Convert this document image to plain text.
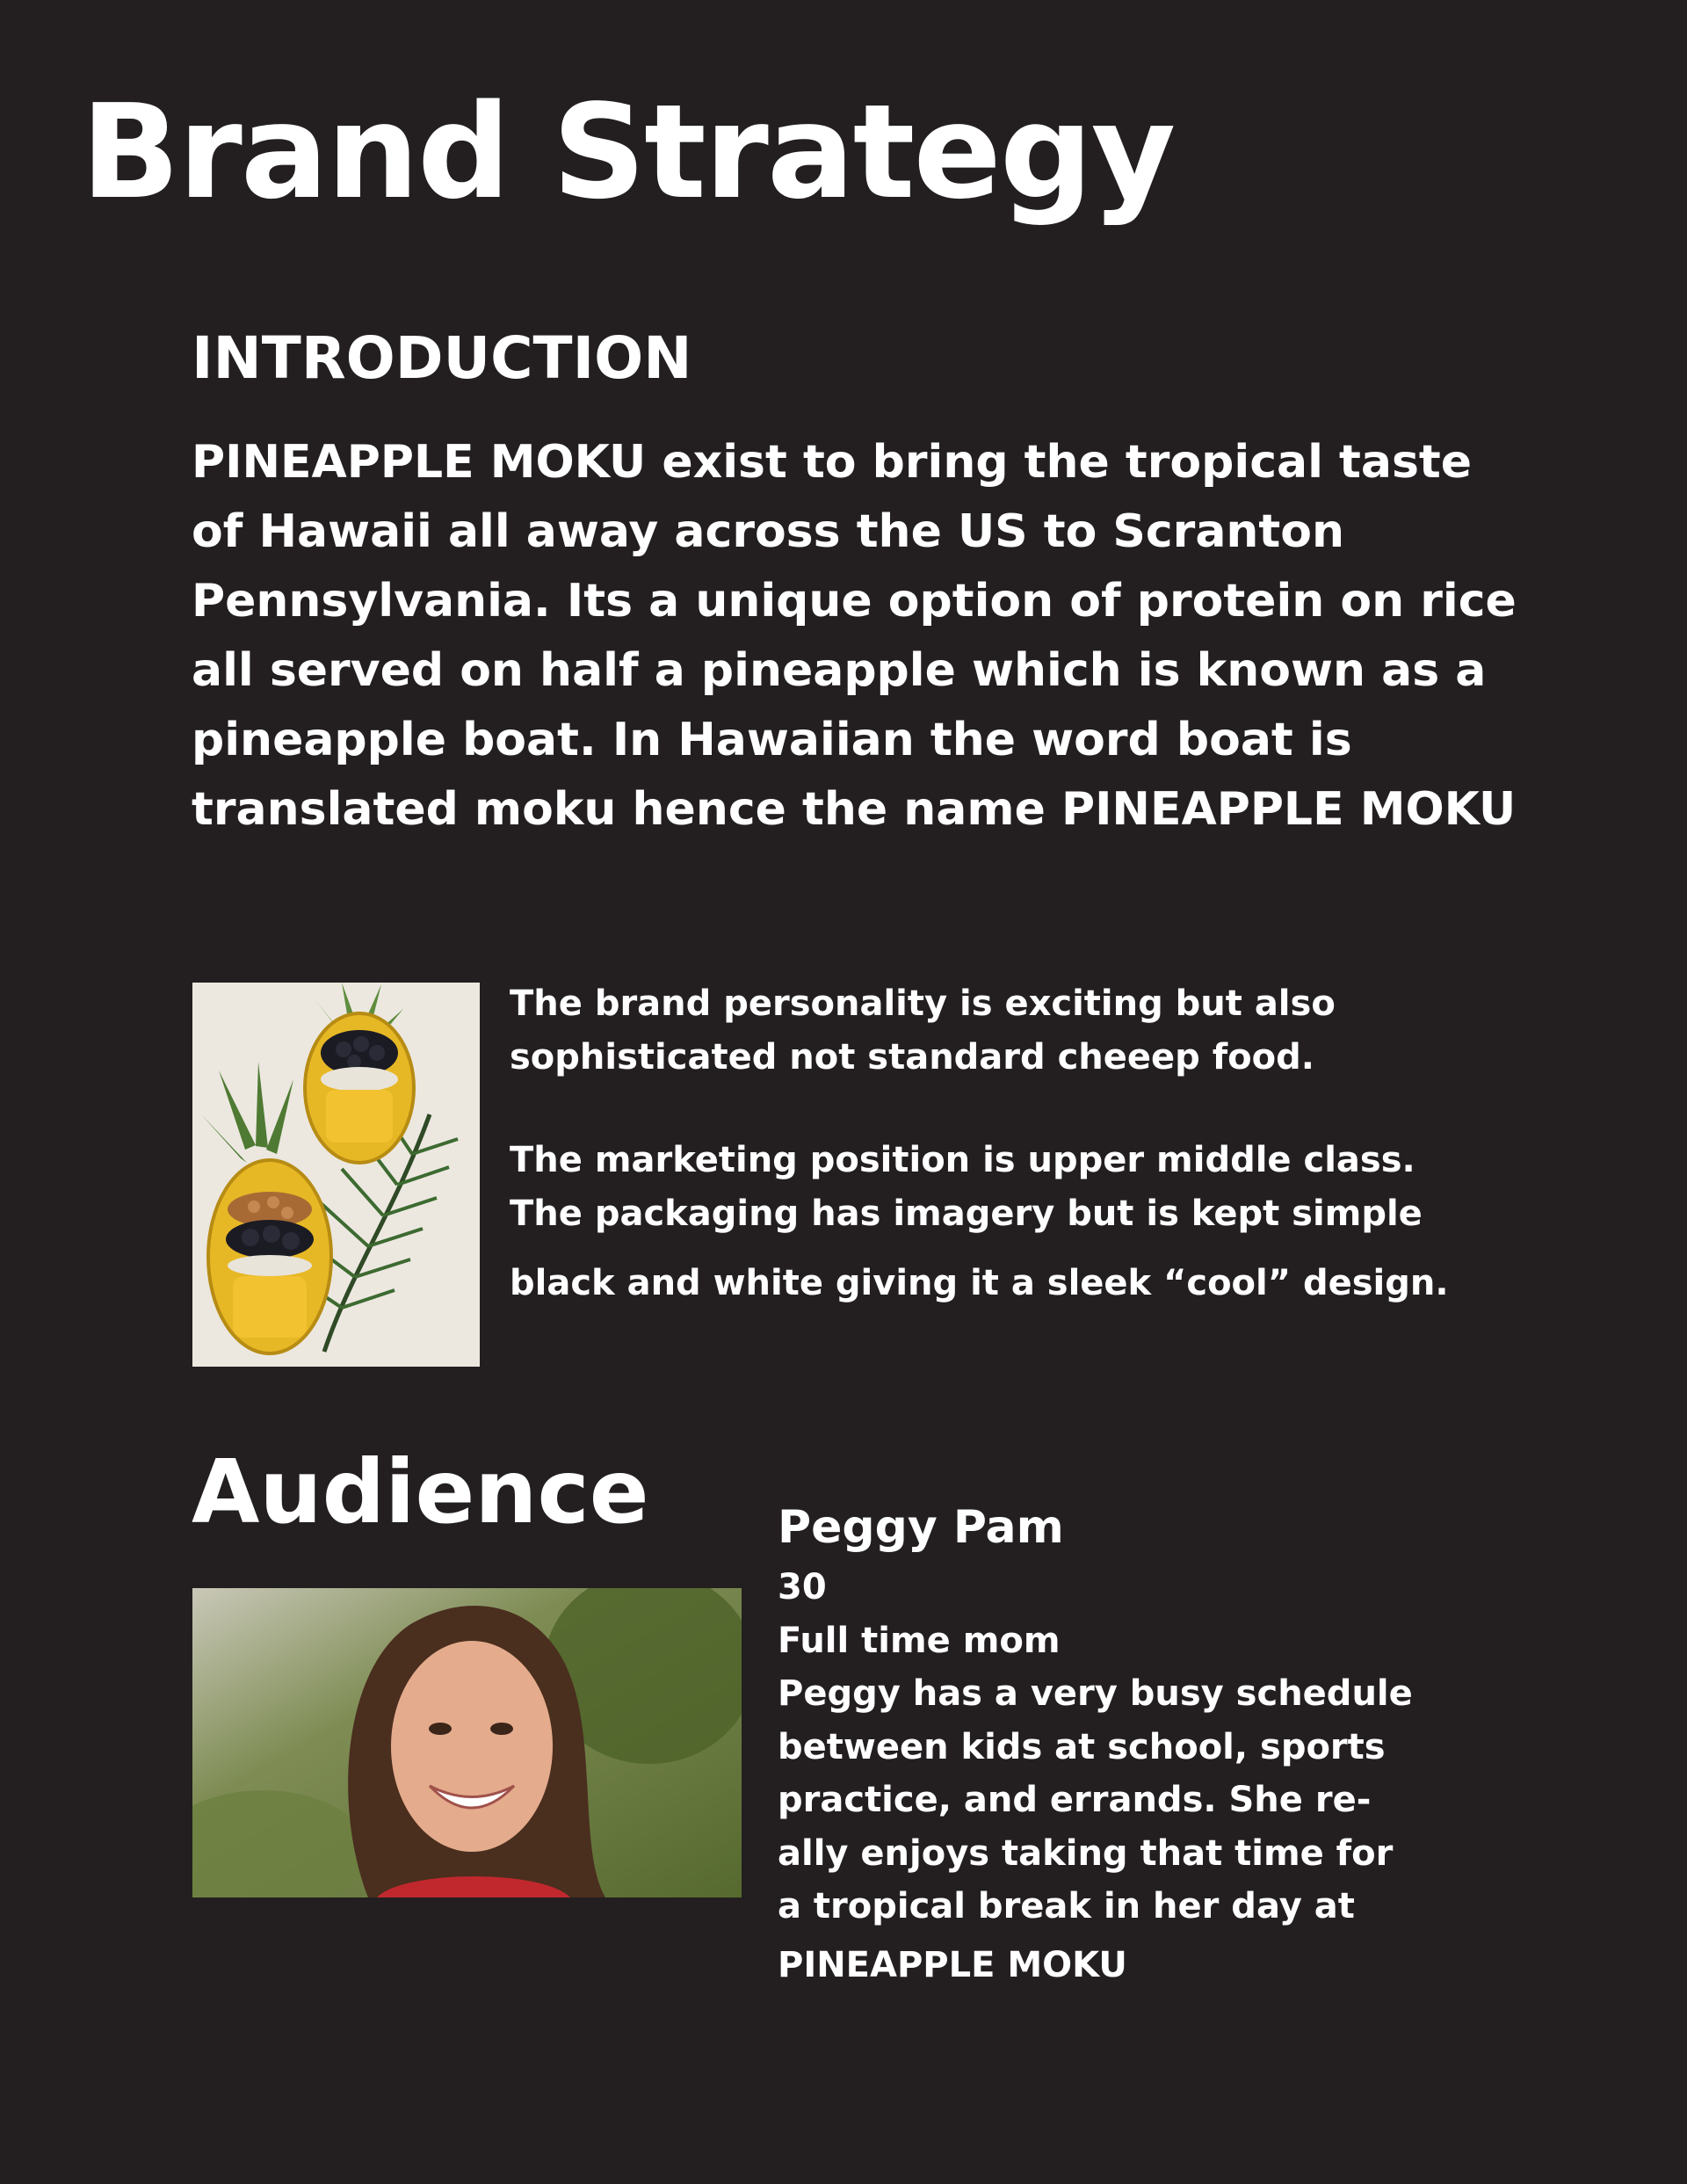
Brand Strategy
INTRODUCTION

PINEAPPLE MOKU exist to bring the tropical taste of Hawaii all away across the US to Scranton Pennsylvania. Its a unique option of protein on rice all served on half a pineapple which is known as a pineapple boat. In Hawaiian the word boat is translated moku hence the name PINEAPPLE MOKU

The brand personality is exciting but also

sophisticated not standard cheeep food.

The marketing position is upper middle class.

The packaging has imagery but is kept simple

black and white giving it a sleek “cool” design.

Audience	Peggy Pam

30

Full time mom

Peggy has a very busy schedule

between kids at school, sports

practice, and errands. She re-

ally enjoys taking that time for

a tropical break in her day at

PINEAPPLE MOKU
